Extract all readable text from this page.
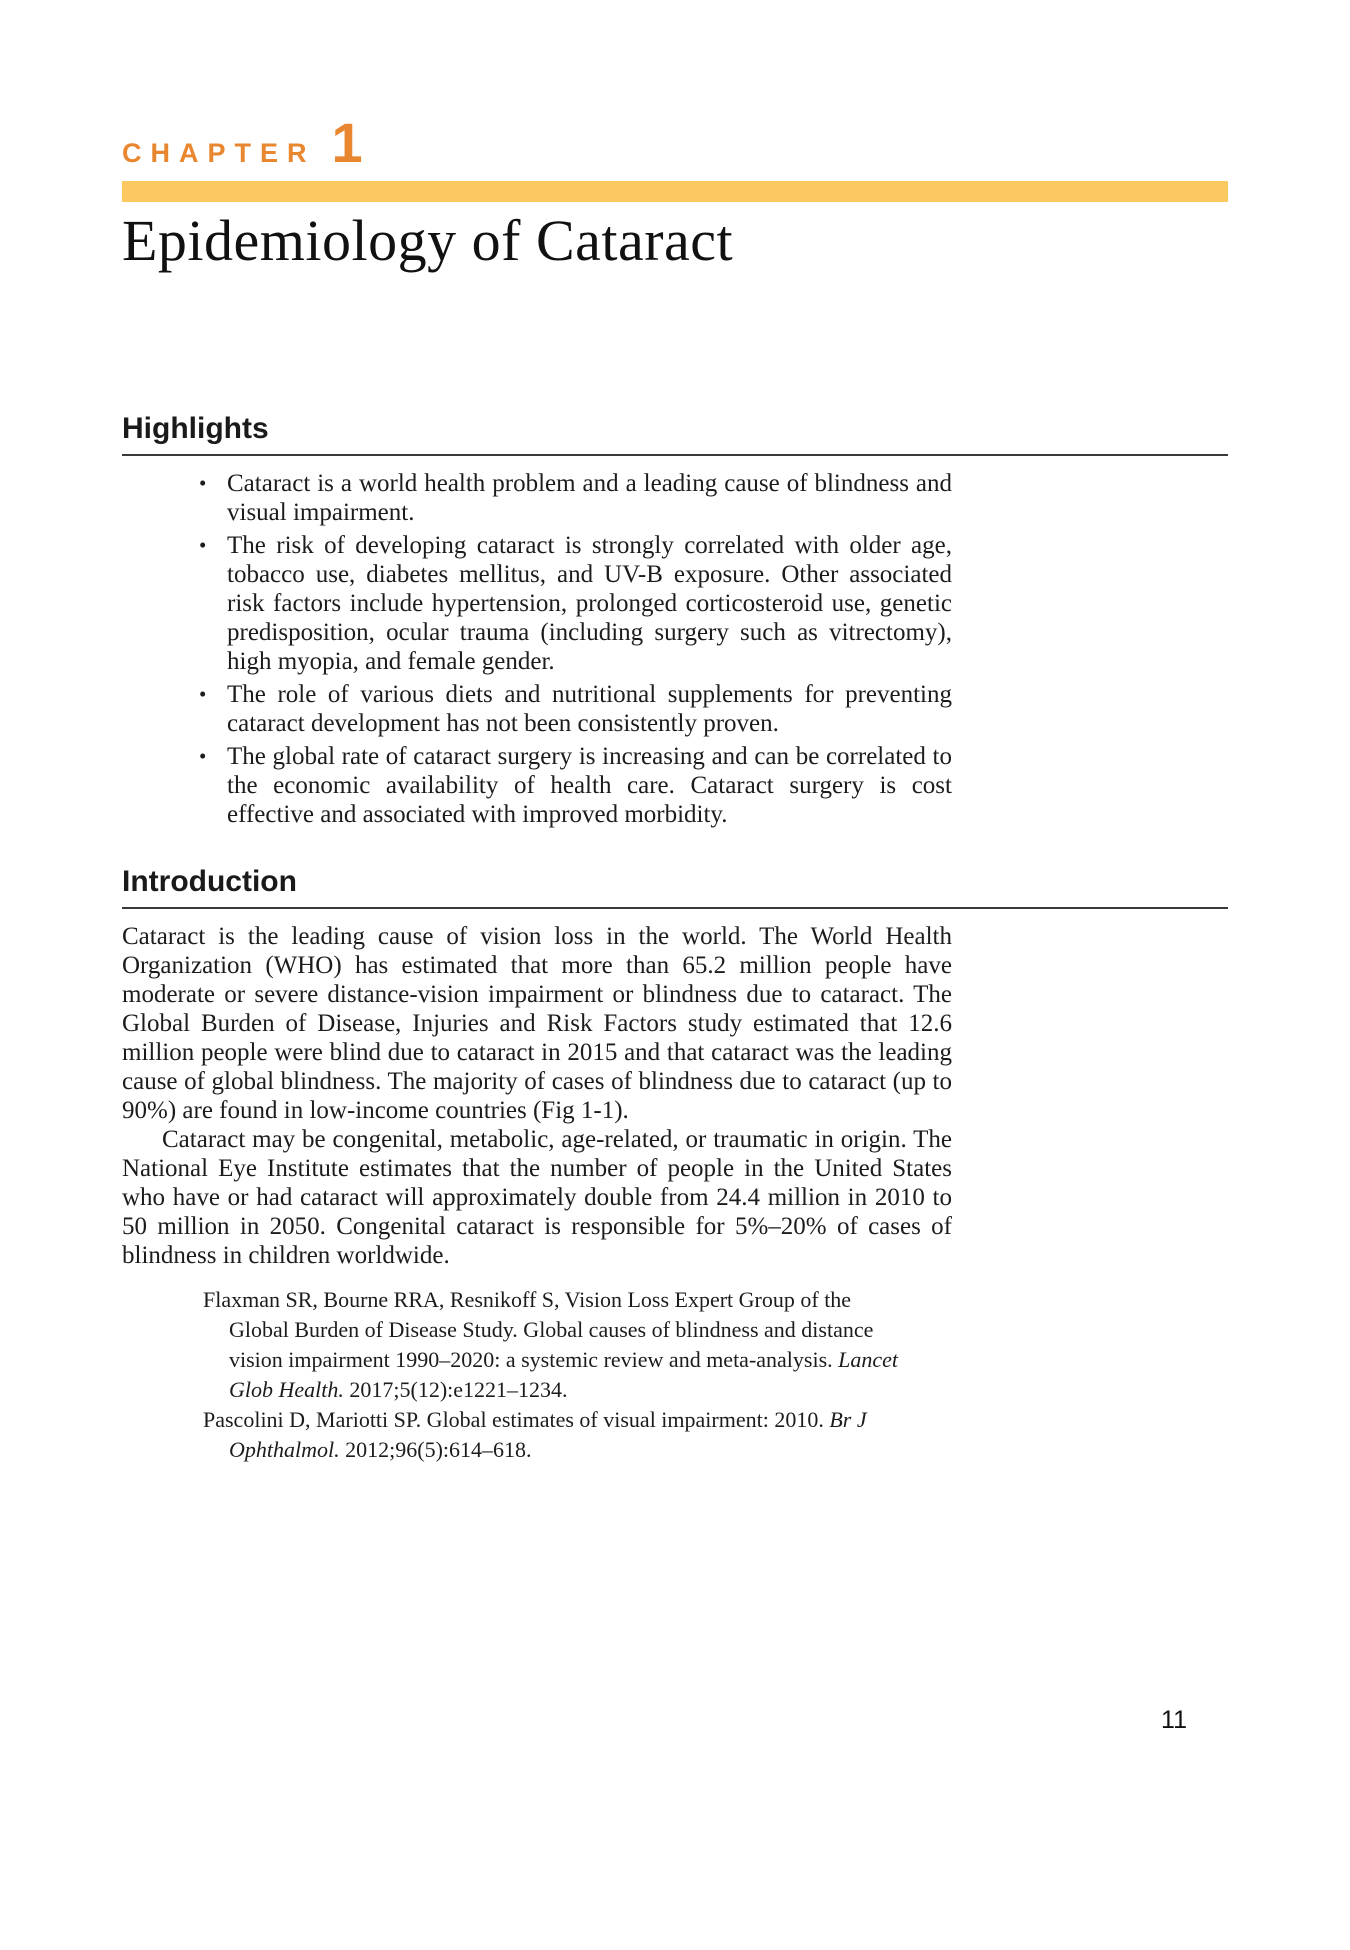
CHAPTER 1
Epidemiology of Cataract
Highlights
• Cataract is a world health problem and a leading cause of blindness and visual impairment.
• The risk of developing cataract is strongly correlated with older age, tobacco use, diabetes mellitus, and UV-B exposure. Other associated risk factors include hypertension, prolonged corticosteroid use, genetic predisposition, ocular trauma (including surgery such as vitrectomy), high myopia, and female gender.
• The role of various diets and nutritional supplements for preventing cataract development has not been consistently proven.
• The global rate of cataract surgery is increasing and can be correlated to the economic availability of health care. Cataract surgery is cost effective and associated with improved morbidity.
Introduction

Cataract is the leading cause of vision loss in the world. The World Health Organization (WHO) has estimated that more than 65.2 million people have moderate or severe distance-vision impairment or blindness due to cataract. The Global Burden of Disease, Injuries and Risk Factors study estimated that 12.6 million people were blind due to cataract in 2015 and that cataract was the leading cause of global blindness. The majority of cases of blindness due to cataract (up to 90%) are found in low-income countries (Fig 1-1).

Cataract may be congenital, metabolic, age-related, or traumatic in origin. The National Eye Institute estimates that the number of people in the United States who have or had cataract will approximately double from 24.4 million in 2010 to 50 million in 2050. Congenital cataract is responsible for 5%–20% of cases of blindness in children worldwide.

Flaxman SR, Bourne RRA, Resnikoff S, Vision Loss Expert Group of the Global Burden of Disease Study. Global causes of blindness and distance vision impairment 1990–2020: a systemic review and meta-analysis. Lancet Glob Health. 2017;5(12):e1221–1234.
Pascolini D, Mariotti SP. Global estimates of visual impairment: 2010. Br J Ophthalmol. 2012;96(5):614–618.
11
